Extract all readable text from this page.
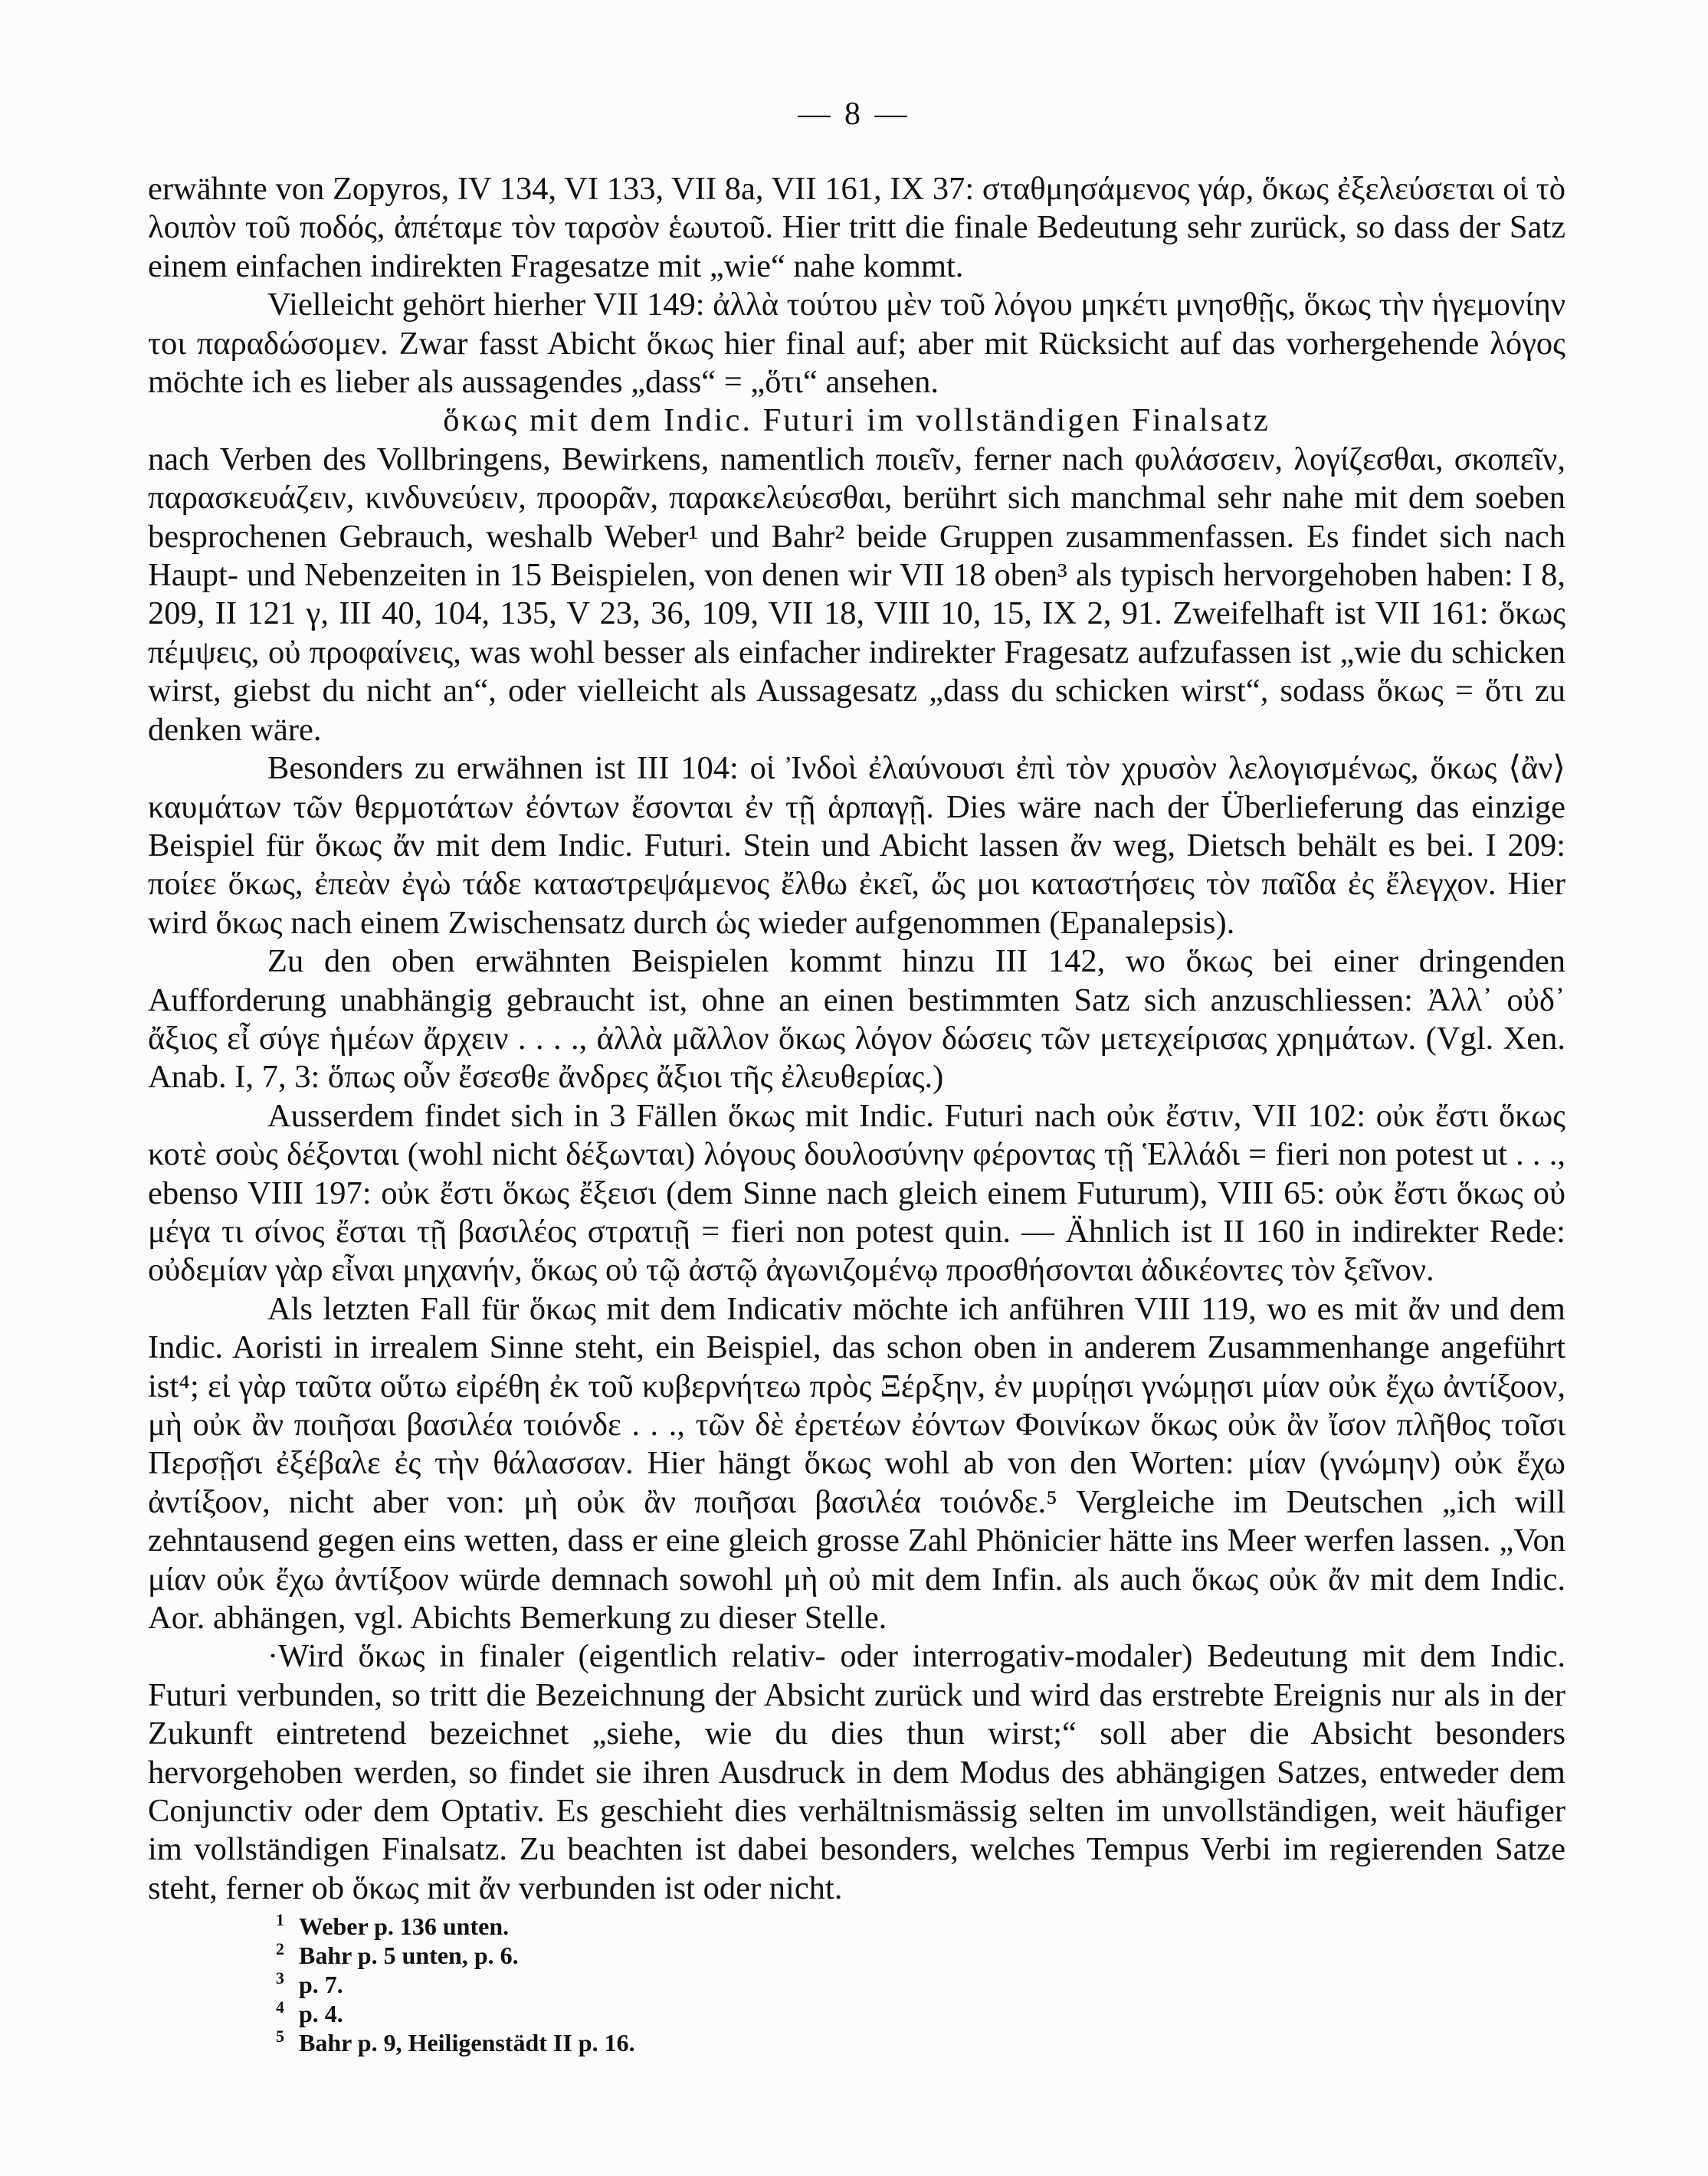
— 8 —

erwähnte von Zopyros, IV 134, VI 133, VII 8a, VII 161, IX 37: σταθμησάμενος γάρ, ὅκως ἐξελεύσεται οἱ τὸ λοιπὸν τοῦ ποδός, ἀπέταμε τὸν ταρσὸν ἑωυτοῦ. Hier tritt die finale Bedeutung sehr zurück, so dass der Satz einem einfachen indirekten Fragesatze mit „wie“ nahe kommt.

Vielleicht gehört hierher VII 149: ἀλλὰ τούτου μὲν τοῦ λόγου μηκέτι μνησθῇς, ὅκως τὴν ἡγεμονίην τοι παραδώσομεν. Zwar fasst Abicht ὅκως hier final auf; aber mit Rücksicht auf das vorhergehende λόγος möchte ich es lieber als aussagendes „dass“ = „ὅτι“ ansehen.

ὅκως mit dem Indic. Futuri im vollständigen Finalsatz

nach Verben des Vollbringens, Bewirkens, namentlich ποιεῖν, ferner nach φυλάσσειν, λογίζεσθαι, σκοπεῖν, παρασκευάζειν, κινδυνεύειν, προορᾶν, παρακελεύεσθαι, berührt sich manchmal sehr nahe mit dem soeben besprochenen Gebrauch, weshalb Weber¹ und Bahr² beide Gruppen zusammenfassen. Es findet sich nach Haupt- und Nebenzeiten in 15 Beispielen, von denen wir VII 18 oben³ als typisch hervorgehoben haben: I 8, 209, II 121 γ, III 40, 104, 135, V 23, 36, 109, VII 18, VIII 10, 15, IX 2, 91. Zweifelhaft ist VII 161: ὅκως πέμψεις, οὐ προφαίνεις, was wohl besser als einfacher indirekter Fragesatz aufzufassen ist „wie du schicken wirst, giebst du nicht an“, oder vielleicht als Aussagesatz „dass du schicken wirst“, sodass ὅκως = ὅτι zu denken wäre.

Besonders zu erwähnen ist III 104: οἱ Ἰνδοὶ ἐλαύνουσι ἐπὶ τὸν χρυσὸν λελογισμένως, ὅκως ⟨ἂν⟩ καυμάτων τῶν θερμοτάτων ἐόντων ἔσονται ἐν τῇ ἁρπαγῇ. Dies wäre nach der Überlieferung das einzige Beispiel für ὅκως ἄν mit dem Indic. Futuri. Stein und Abicht lassen ἄν weg, Dietsch behält es bei. I 209: ποίεε ὅκως, ἐπεὰν ἐγὼ τάδε καταστρεψάμενος ἔλθω ἐκεῖ, ὥς μοι καταστήσεις τὸν παῖδα ἐς ἔλεγχον. Hier wird ὅκως nach einem Zwischensatz durch ὡς wieder aufgenommen (Epanalepsis).

Zu den oben erwähnten Beispielen kommt hinzu III 142, wo ὅκως bei einer dringenden Aufforderung unabhängig gebraucht ist, ohne an einen bestimmten Satz sich anzuschliessen: Ἀλλ᾽ οὐδ᾽ ἄξιος εἶ σύγε ἡμέων ἄρχειν . . . ., ἀλλὰ μᾶλλον ὅκως λόγον δώσεις τῶν μετεχείρισας χρημάτων. (Vgl. Xen. Anab. I, 7, 3: ὅπως οὖν ἔσεσθε ἄνδρες ἄξιοι τῆς ἐλευθερίας.)

Ausserdem findet sich in 3 Fällen ὅκως mit Indic. Futuri nach οὐκ ἔστιν, VII 102: οὐκ ἔστι ὅκως κοτὲ σοὺς δέξονται (wohl nicht δέξωνται) λόγους δουλοσύνην φέροντας τῇ Ἑλλάδι = fieri non potest ut . . ., ebenso VIII 197: οὐκ ἔστι ὅκως ἔξεισι (dem Sinne nach gleich einem Futurum), VIII 65: οὐκ ἔστι ὅκως οὐ μέγα τι σίνος ἔσται τῇ βασιλέος στρατιῇ = fieri non potest quin. — Ähnlich ist II 160 in indirekter Rede: οὐδεμίαν γὰρ εἶναι μηχανήν, ὅκως οὐ τῷ ἀστῷ ἀγωνιζομένῳ προσθήσονται ἀδικέοντες τὸν ξεῖνον.

Als letzten Fall für ὅκως mit dem Indicativ möchte ich anführen VIII 119, wo es mit ἄν und dem Indic. Aoristi in irrealem Sinne steht, ein Beispiel, das schon oben in anderem Zusammenhange angeführt ist⁴; εἰ γὰρ ταῦτα οὕτω εἰρέθη ἐκ τοῦ κυβερνήτεω πρὸς Ξέρξην, ἐν μυρίῃσι γνώμῃσι μίαν οὐκ ἔχω ἀντίξοον, μὴ οὐκ ἂν ποιῆσαι βασιλέα τοιόνδε . . ., τῶν δὲ ἐρετέων ἐόντων Φοινίκων ὅκως οὐκ ἂν ἴσον πλῆθος τοῖσι Περσῇσι ἐξέβαλε ἐς τὴν θάλασσαν. Hier hängt ὅκως wohl ab von den Worten: μίαν (γνώμην) οὐκ ἔχω ἀντίξοον, nicht aber von: μὴ οὐκ ἂν ποιῆσαι βασιλέα τοιόνδε.⁵ Vergleiche im Deutschen „ich will zehntausend gegen eins wetten, dass er eine gleich grosse Zahl Phönicier hätte ins Meer werfen lassen. „Von μίαν οὐκ ἔχω ἀντίξοον würde demnach sowohl μὴ οὐ mit dem Infin. als auch ὅκως οὐκ ἄν mit dem Indic. Aor. abhängen, vgl. Abichts Bemerkung zu dieser Stelle.

·Wird ὅκως in finaler (eigentlich relativ- oder interrogativ-modaler) Bedeutung mit dem Indic. Futuri verbunden, so tritt die Bezeichnung der Absicht zurück und wird das erstrebte Ereignis nur als in der Zukunft eintretend bezeichnet „siehe, wie du dies thun wirst;“ soll aber die Absicht besonders hervorgehoben werden, so findet sie ihren Ausdruck in dem Modus des abhängigen Satzes, entweder dem Conjunctiv oder dem Optativ. Es geschieht dies verhältnismässig selten im unvollständigen, weit häufiger im vollständigen Finalsatz. Zu beachten ist dabei besonders, welches Tempus Verbi im regierenden Satze steht, ferner ob ὅκως mit ἄν verbunden ist oder nicht.

1 Weber p. 136 unten.
2 Bahr p. 5 unten, p. 6.
3 p. 7.
4 p. 4.
5 Bahr p. 9, Heiligenstädt II p. 16.
